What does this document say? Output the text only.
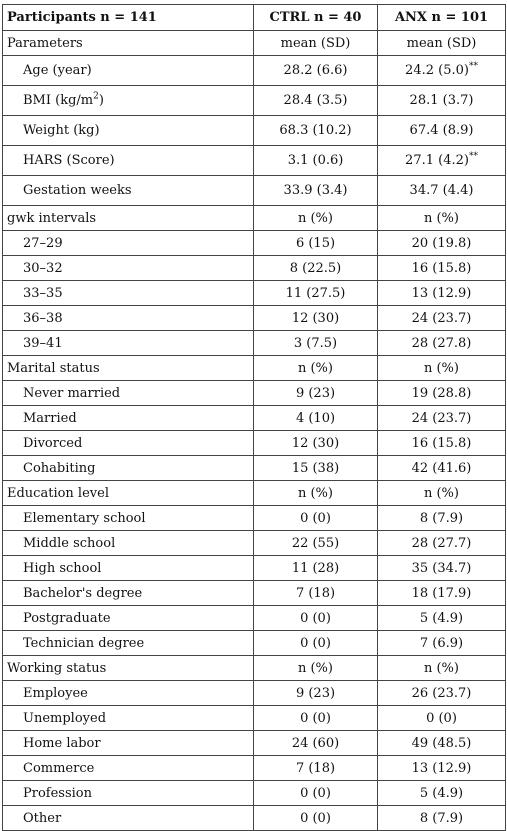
Participants n = 141	CTRL n = 40	ANX n = 101
Parameters	mean (SD)	mean (SD)
Age (year)	28.2 (6.6)	24.2 (5.0)**
BMI $(kg/m^2)$	28.4 (3.5)	28.1 (3.7)
Weight (kg)	68.3 (10.2)	67.4 (8.9)
HARS (Score)	3.1 (0.6)	27.1 (4.2)**
Gestation weeks	33.9 (3.4)	34.7 (4.4)
gwk intervals	n (%)	n (%)
27–29	6 (15)	20 (19.8)
30–32	8 (22.5)	16 (15.8)
33–35	11 (27.5)	13 (12.9)
36–38	12 (30)	24 (23.7)
39–41	3 (7.5)	28 (27.8)
Marital status	n (%)	n (%)
Never married	9 (23)	19 (28.8)
Married	4 (10)	24 (23.7)
Divorced	12 (30)	16 (15.8)
Cohabiting	15 (38)	42 (41.6)
Education level	n (%)	n (%)
Elementary school	0 (0)	8 (7.9)
Middle school	22 (55)	28 (27.7)
High school	11 (28)	35 (34.7)
Bachelor's degree	7 (18)	18 (17.9)
Postgraduate	0 (0)	5 (4.9)
Technician degree	0 (0)	7 (6.9)
Working status	n (%)	n (%)
Employee	9 (23)	26 (23.7)
Unemployed	0 (0)	0 (0)
Home labor	24 (60)	49 (48.5)
Commerce	7 (18)	13 (12.9)
Profession	0 (0)	5 (4.9)
Other	0 (0)	8 (7.9)
